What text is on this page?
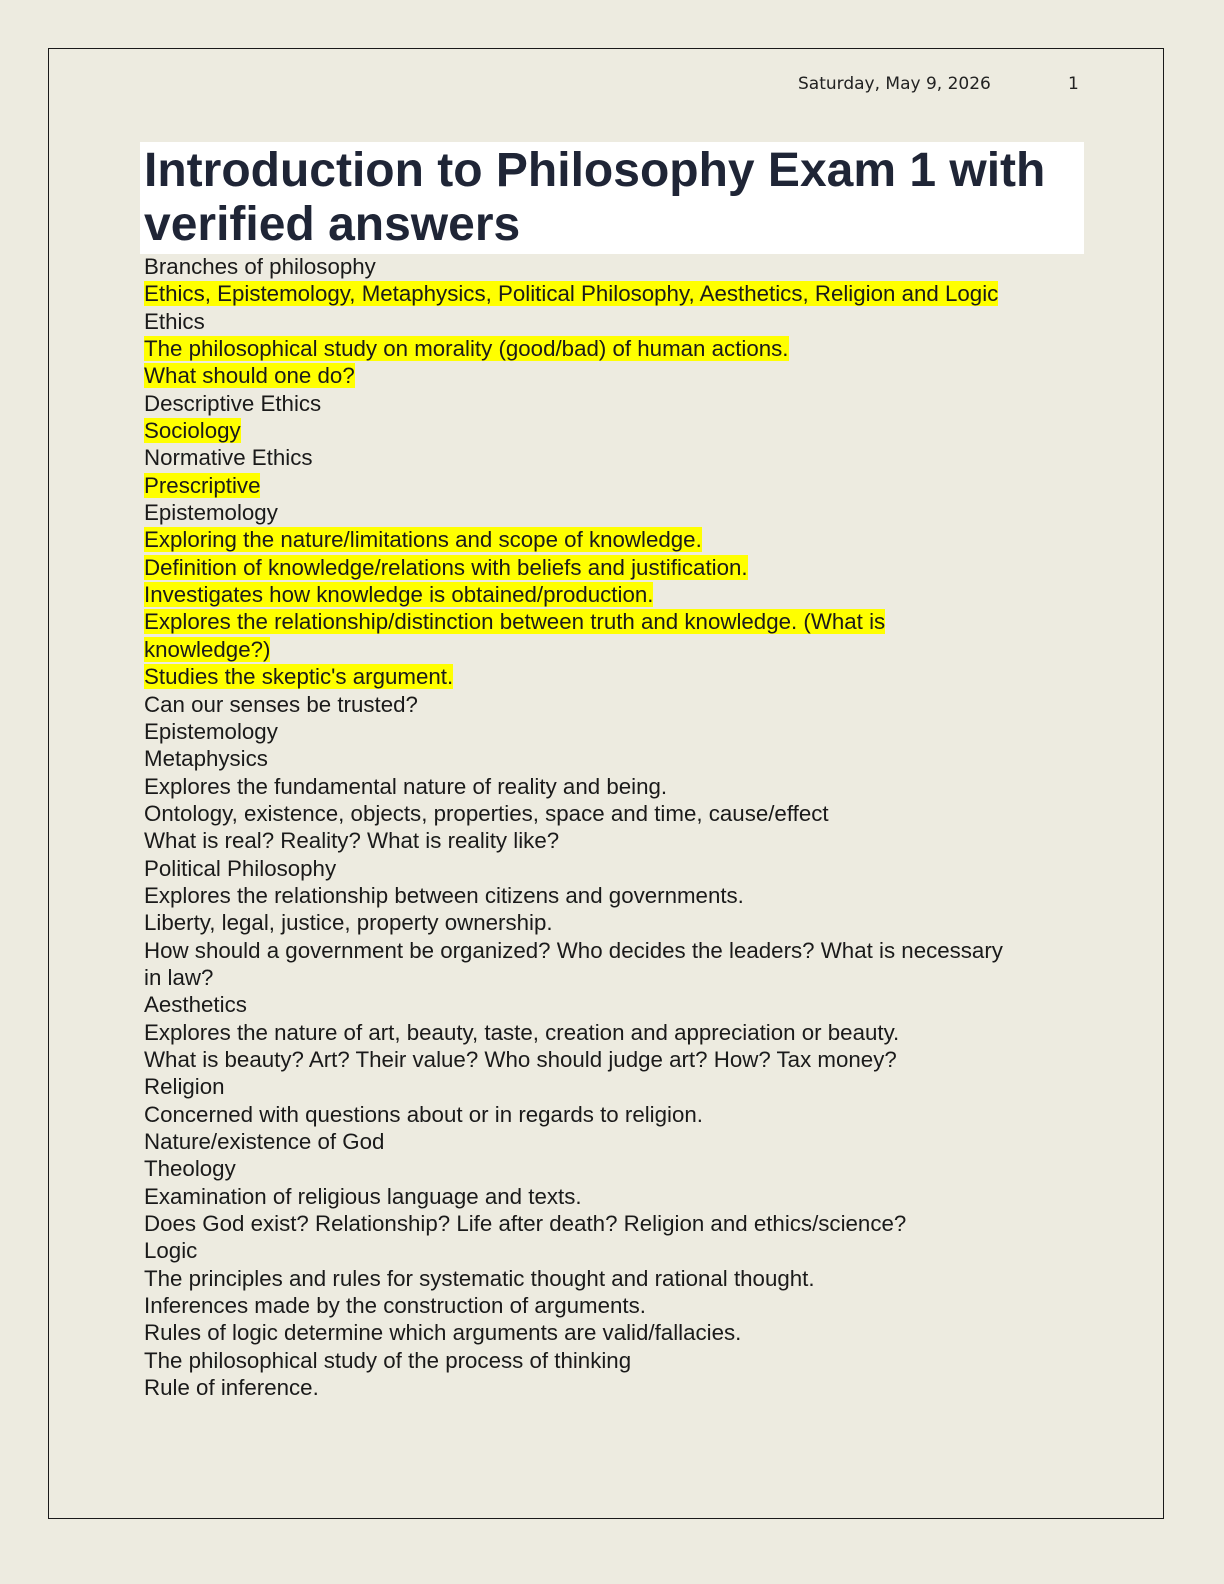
Saturday, May 9, 2026	1
Introduction to Philosophy Exam 1 with verified answers
Branches of philosophy
Ethics, Epistemology, Metaphysics, Political Philosophy, Aesthetics, Religion and Logic
Ethics
The philosophical study on morality (good/bad) of human actions.
What should one do?
Descriptive Ethics
Sociology
Normative Ethics
Prescriptive
Epistemology
Exploring the nature/limitations and scope of knowledge.
Definition of knowledge/relations with beliefs and justification.
Investigates how knowledge is obtained/production.
Explores the relationship/distinction between truth and knowledge. (What is
knowledge?)
Studies the skeptic's argument.
Can our senses be trusted?
Epistemology
Metaphysics
Explores the fundamental nature of reality and being.
Ontology, existence, objects, properties, space and time, cause/effect
What is real? Reality? What is reality like?
Political Philosophy
Explores the relationship between citizens and governments.
Liberty, legal, justice, property ownership.
How should a government be organized? Who decides the leaders? What is necessary
in law?
Aesthetics
Explores the nature of art, beauty, taste, creation and appreciation or beauty.
What is beauty? Art? Their value? Who should judge art? How? Tax money?
Religion
Concerned with questions about or in regards to religion.
Nature/existence of God
Theology
Examination of religious language and texts.
Does God exist? Relationship? Life after death? Religion and ethics/science?
Logic
The principles and rules for systematic thought and rational thought.
Inferences made by the construction of arguments.
Rules of logic determine which arguments are valid/fallacies.
The philosophical study of the process of thinking
Rule of inference.
